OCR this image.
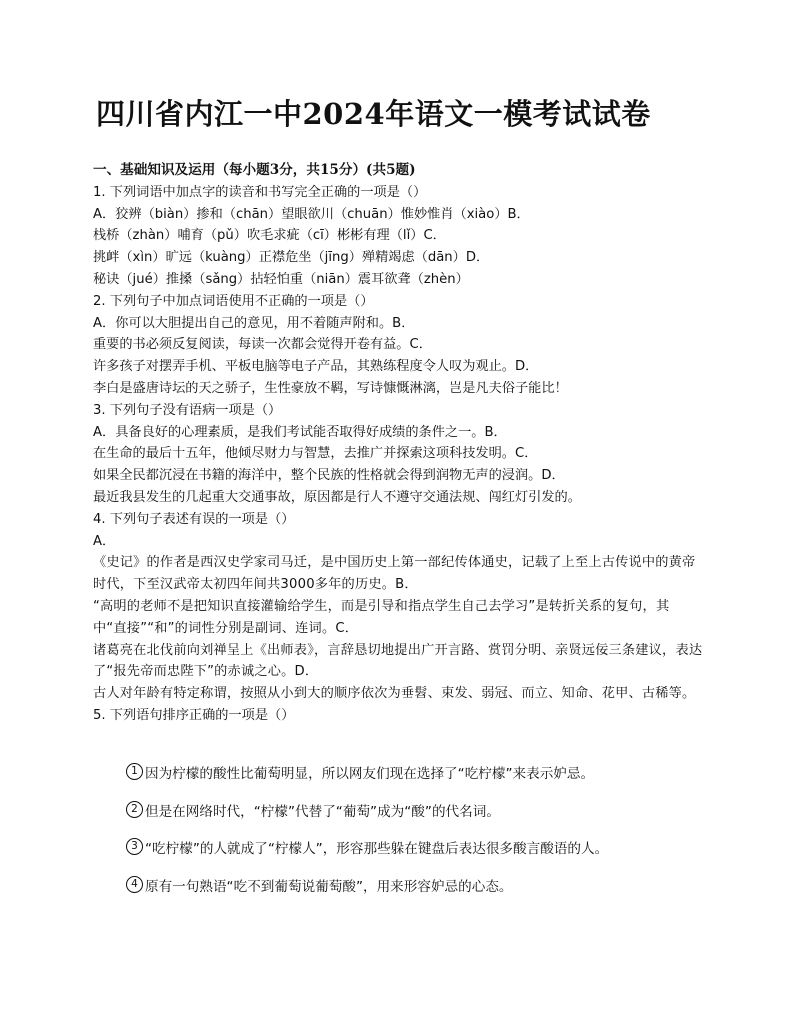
四川省内江一中2024年语文一模考试试卷
一、基础知识及运用（每小题3分，共15分）(共5题)
1. 下列词语中加点字的读音和书写完全正确的一项是（）
A．狡辨（biàn）掺和（chān）望眼欲川（chuān）惟妙惟肖（xiào）B．
栈桥（zhàn）哺育（pǔ）吹毛求疵（cī）彬彬有理（lǐ）C．
挑衅（xìn）旷远（kuàng）正襟危坐（jīng）殚精竭虑（dān）D．
秘诀（jué）推搡（sǎng）拈轻怕重（niān）震耳欲聋（zhèn）
2. 下列句子中加点词语使用不正确的一项是（）
A．你可以大胆提出自己的意见，用不着随声附和。B．
重要的书必须反复阅读，每读一次都会觉得开卷有益。C．
许多孩子对摆弄手机、平板电脑等电子产品，其熟练程度令人叹为观止。D．
李白是盛唐诗坛的天之骄子，生性豪放不羁，写诗慷慨淋漓，岂是凡夫俗子能比！
3. 下列句子没有语病一项是（）
A．具备良好的心理素质，是我们考试能否取得好成绩的条件之一。B．
在生命的最后十五年，他倾尽财力与智慧，去推广并探索这项科技发明。C．
如果全民都沉浸在书籍的海洋中，整个民族的性格就会得到润物无声的浸润。D．
最近我县发生的几起重大交通事故，原因都是行人不遵守交通法规、闯红灯引发的。
4. 下列句子表述有误的一项是（）
A．
《史记》的作者是西汉史学家司马迁，是中国历史上第一部纪传体通史，记载了上至上古传说中的黄帝时代，下至汉武帝太初四年间共3000多年的历史。B．
“高明的老师不是把知识直接灌输给学生，而是引导和指点学生自己去学习”是转折关系的复句，其中“直接”“和”的词性分别是副词、连词。C．
诸葛亮在北伐前向刘禅呈上《出师表》，言辞恳切地提出广开言路、赏罚分明、亲贤远佞三条建议，表达了“报先帝而忠陛下”的赤诚之心。D．
古人对年龄有特定称谓，按照从小到大的顺序依次为垂髫、束发、弱冠、而立、知命、花甲、古稀等。
5. 下列语句排序正确的一项是（）
1 因为柠檬的酸性比葡萄明显，所以网友们现在选择了“吃柠檬”来表示妒忌。
2 但是在网络时代，“柠檬”代替了“葡萄”成为“酸”的代名词。
3 “吃柠檬”的人就成了“柠檬人”，形容那些躲在键盘后表达很多酸言酸语的人。
4 原有一句熟语“吃不到葡萄说葡萄酸”，用来形容妒忌的心态。
